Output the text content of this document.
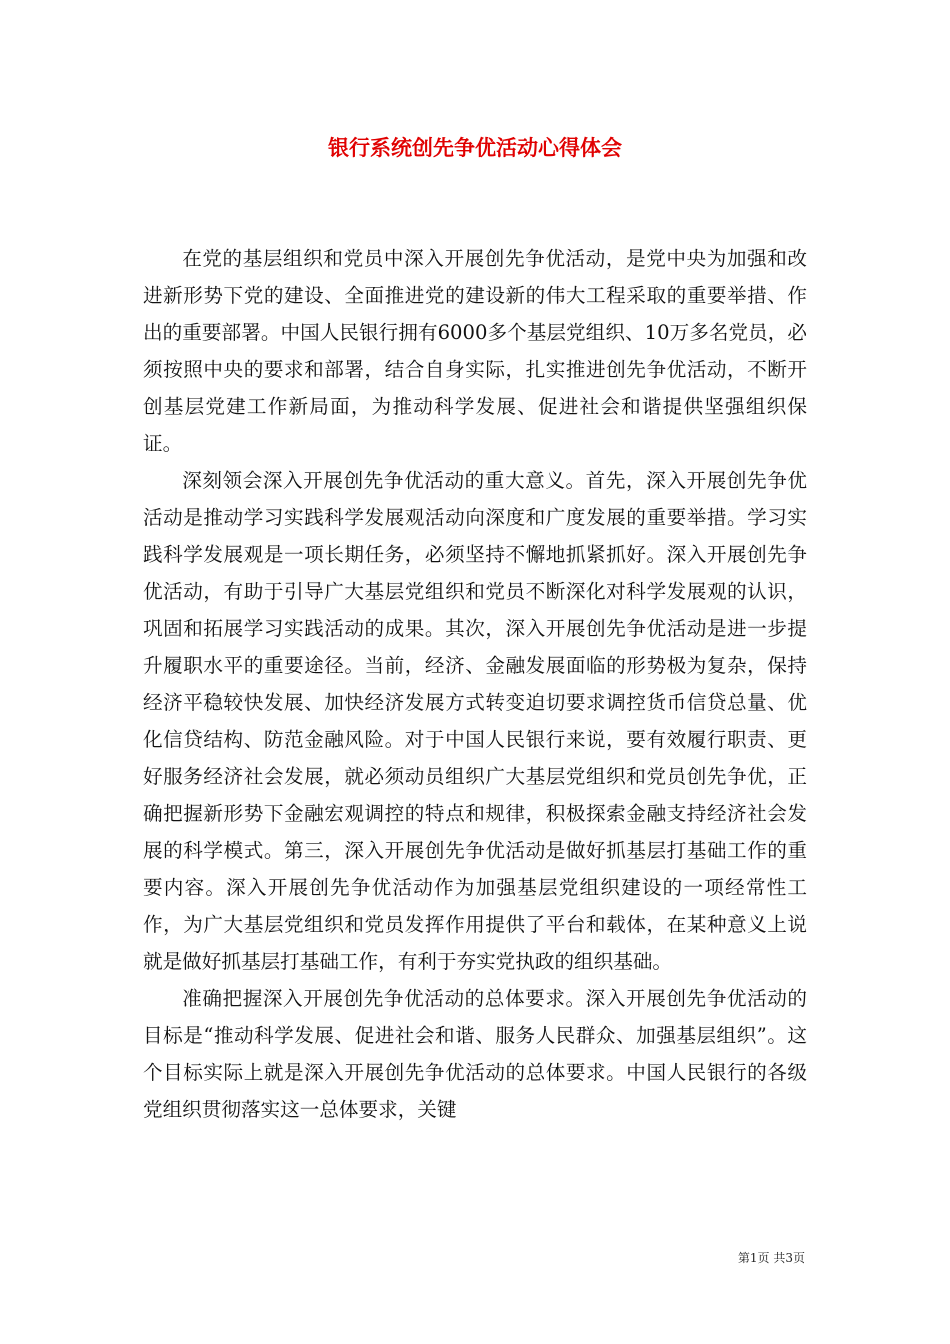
银行系统创先争优活动心得体会

在党的基层组织和党员中深入开展创先争优活动，是党中央为加强和改进新形势下党的建设、全面推进党的建设新的伟大工程采取的重要举措、作出的重要部署。中国人民银行拥有6000多个基层党组织、10万多名党员，必须按照中央的要求和部署，结合自身实际，扎实推进创先争优活动，不断开创基层党建工作新局面，为推动科学发展、促进社会和谐提供坚强组织保证。

深刻领会深入开展创先争优活动的重大意义。首先，深入开展创先争优活动是推动学习实践科学发展观活动向深度和广度发展的重要举措。学习实践科学发展观是一项长期任务，必须坚持不懈地抓紧抓好。深入开展创先争优活动，有助于引导广大基层党组织和党员不断深化对科学发展观的认识，巩固和拓展学习实践活动的成果。其次，深入开展创先争优活动是进一步提升履职水平的重要途径。当前，经济、金融发展面临的形势极为复杂，保持经济平稳较快发展、加快经济发展方式转变迫切要求调控货币信贷总量、优化信贷结构、防范金融风险。对于中国人民银行来说，要有效履行职责、更好服务经济社会发展，就必须动员组织广大基层党组织和党员创先争优，正确把握新形势下金融宏观调控的特点和规律，积极探索金融支持经济社会发展的科学模式。第三，深入开展创先争优活动是做好抓基层打基础工作的重要内容。深入开展创先争优活动作为加强基层党组织建设的一项经常性工作，为广大基层党组织和党员发挥作用提供了平台和载体，在某种意义上说就是做好抓基层打基础工作，有利于夯实党执政的组织基础。

准确把握深入开展创先争优活动的总体要求。深入开展创先争优活动的目标是“推动科学发展、促进社会和谐、服务人民群众、加强基层组织”。这个目标实际上就是深入开展创先争优活动的总体要求。中国人民银行的各级党组织贯彻落实这一总体要求，关键

第1页 共3页
